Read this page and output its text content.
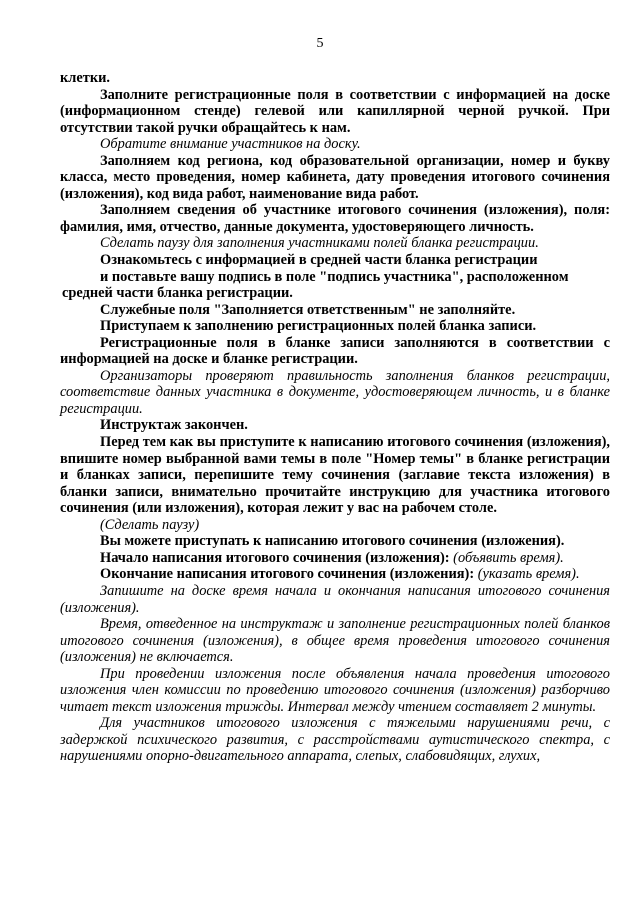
5

клетки.

Заполните регистрационные поля в соответствии с информацией на доске (информационном стенде) гелевой или капиллярной черной ручкой. При отсутствии такой ручки обращайтесь к нам.

Обратите внимание участников на доску.

Заполняем код региона, код образовательной организации, номер и букву класса, место проведения, номер кабинета, дату проведения итогового сочинения (изложения), код вида работ, наименование вида работ.

Заполняем сведения об участнике итогового сочинения (изложения), поля: фамилия, имя, отчество, данные документа, удостоверяющего личность.

Сделать паузу для заполнения участниками полей бланка регистрации.

Ознакомьтесь с информацией в средней части бланка регистрации

и поставьте вашу подпись в поле "подпись участника", расположенном

средней части бланка регистрации.

Служебные поля "Заполняется ответственным" не заполняйте.

Приступаем к заполнению регистрационных полей бланка записи.

Регистрационные поля в бланке записи заполняются в соответствии с информацией на доске и бланке регистрации.

Организаторы проверяют правильность заполнения бланков регистрации, соответствие данных участника в документе, удостоверяющем личность, и в бланке регистрации.

Инструктаж закончен.

Перед тем как вы приступите к написанию итогового сочинения (изложения), впишите номер выбранной вами темы в поле "Номер темы" в бланке регистрации и бланках записи, перепишите тему сочинения (заглавие текста изложения) в бланки записи, внимательно прочитайте инструкцию для участника итогового сочинения (или изложения), которая лежит у вас на рабочем столе.

(Сделать паузу)

Вы можете приступать к написанию итогового сочинения (изложения).

Начало написания итогового сочинения (изложения): (объявить время).

Окончание написания итогового сочинения (изложения): (указать время).

Запишите на доске время начала и окончания написания итогового сочинения (изложения).

Время, отведенное на инструктаж и заполнение регистрационных полей бланков итогового сочинения (изложения), в общее время проведения итогового сочинения (изложения) не включается.

При проведении изложения после объявления начала проведения итогового изложения член комиссии по проведению итогового сочинения (изложения) разборчиво читает текст изложения трижды. Интервал между чтением составляет 2 минуты.

Для участников итогового изложения с тяжелыми нарушениями речи, с задержкой психического развития, с расстройствами аутистического спектра, с нарушениями опорно-двигательного аппарата, слепых, слабовидящих, глухих,
